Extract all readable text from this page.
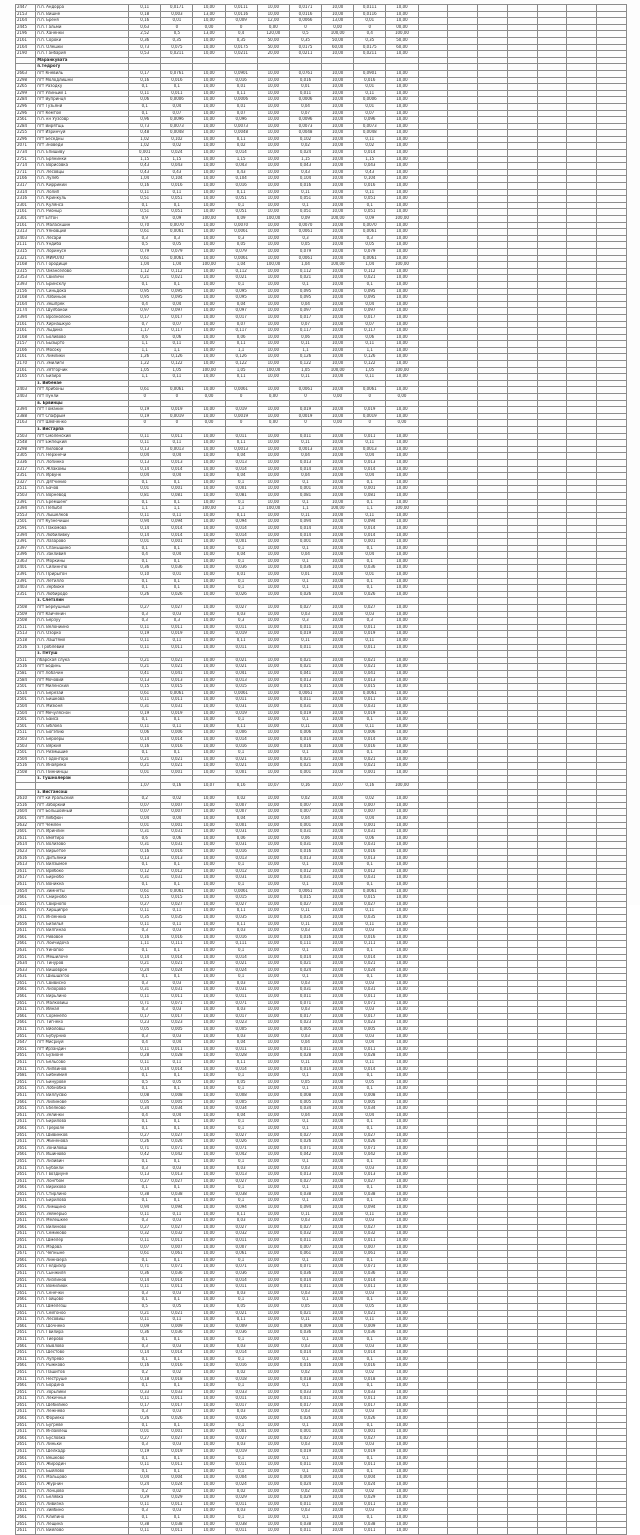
2447	п.п. Андорра	0,11	0,0171	10,00	0,0111	10,00	0,0171	10,00	0,0111	10,00							
2153	п.п. Вишнё	0,18	0,003	13,00	0,0116	10,00	0,0116	10,00	0,0116	10,00							
2164	п.п. Брёня	0,16	0,01	10,00	0,009	12,00	0,0066	13,00	0,01	10,00							
2445	п.п. Гальми	0,63	0	0,00	0	0,00	0	0,00	0	00,00							
2196	п.п. Ханенки	2,52	0,5	13,00	0,4	120,00	0,5	100,00	0,4	100,00							
2161	п.п. Сороки	0,36	0,35	10,00	0,35	50,00	0,35	50,00	0,35	50,00							
2164	п.п. Олешки	0,73	0,075	10,00	0,0175	50,00	0,0175	60,00	0,0175	60,00							
2190	п.п. Ганбария	0,53	0,0211	10,00	0,0211	20,00	0,0211	10,00	0,0211	10,00							
	Маранкувата																
	п.Тедрогу																
2663	пгт Кневиль	0,17	0,0761	10,00	0,0901	10,00	0,0761	10,00	0,0901	10,00							
2298	пгт Молодлишни	0,16	0,016	10,00	0,016	10,00	0,016	10,00	0,016	10,00							
2265	пгт Разодку	0,1	0,1	10,00	0,01	10,00	0,01	10,00	0,01	10,00							
2299	пгт Улиньий 1	0,11	0,011	10,00	0,11	10,00	0,011	10,00	0,11	10,00							
2284	пгт Вупринця	0,06	0,0006	10,00	0,0006	10,00	0,0006	10,00	0,0006	10,00							
2296	пгт Тузьянй	0,1	0,04	10,00	0,01	10,00	0,04	10,00	0,01	10,00							
2296	пгт Кемтой	0,1	0,07	10,00	0,07	10,00	0,07	10,00	0,07	10,00							
2561	п.п. кн Уузсовр	0,96	0,0096	10,00	0,096	10,00	0,0096	10,00	0,096	10,00							
2284	пгт Вирятщь	0,73	0,0073	10,00	0,0073	10,00	0,0073	10,00	0,0073	10,00							
2255	пгт Изринчуй	0,48	0,0048	10,00	0,0048	10,00	0,0048	10,00	0,0048	10,00							
2296	пгт Бесёдны	1,02	0,102	10,00	0,11	10,00	0,102	10,00	0,11	10,00							
2071	пгт Зноведи	1,02	0,02	10,00	0,02	10,00	0,02	10,00	0,02	10,00							
2734	п.п. Епишиву	0,001	0,024	10,00	0,014	10,00	0,024	10,00	0,014	10,00							
2751	п.п. Брянинки	1,15	1,15	10,00	1,15	10,00	1,15	10,00	1,15	10,00							
2714	п.п. Ворисовка	0,43	0,043	10,00	0,043	10,00	0,043	10,00	0,043	10,00							
2711	п.п. Лесовцы	0,43	0,43	10,00	0,43	10,00	0,43	10,00	0,43	10,00							
2166	п.п. Лулёб	1,04	0,104	10,00	0,104	10,00	0,104	10,00	0,104	10,00							
2317	п.п. Киррикии	0,16	0,016	10,00	0,016	10,00	0,016	10,00	0,016	10,00							
2314	п.п. Лолип	0,11	0,11	10,00	0,11	10,00	0,11	10,00	0,11	10,00							
2316	п.п. Кринкуль	0,51	0,051	10,00	0,051	10,00	0,051	10,00	0,051	10,00							
2301	п.п. Кулянса	0,1	0,1	10,00	0,1	10,00	0,1	10,00	0,1	10,00							
2161	п.п. Рионыр	0,51	0,051	10,00	0,051	10,00	0,051	10,00	0,051	10,00							
2301	пгт Елтон	0,9	0,09	100,00	0,09	100,00	0,09	100,00	0,09	100,00							
2161	п.п. Маласкшин	0,70	0,0070	10,00	0,0070	10,00	0,0070	10,00	0,0070	10,00							
2313	п.п. Уяновций	0,61	0,0061	10,00	0,0061	10,00	0,0061	10,00	0,0061	10,00							
2403	п.п. Лесари	0,3	0,3	10,00	0,3	10,00	0,3	10,00	0,3	10,00							
2111	п.п. Ундиба	0,5	0,05	10,00	0,05	10,00	0,05	10,00	0,05	10,00							
2315	п.п. Лоринусе	0,79	0,079	10,00	0,079	10,00	0,079	10,00	0,079	10,00							
2321	п.п. МИРОЛО	0,61	0,0061	10,00	0,0061	10,00	0,0061	10,00	0,0061	10,00							
2168	п.п. Городище	1,04	1,04	100,00	1,04	100,00	1,04	100,00	1,04	100,00							
2315	п.п. Оманселово	1,12	0,112	10,00	0,112	10,00	0,112	10,00	0,112	10,00							
2353	п.п. Свиличи	0,21	0,021	10,00	0,021	10,00	0,021	10,00	0,021	10,00							
2393	п.п. Бринсклу	0,1	0,1	10,00	0,1	10,00	0,1	10,00	0,1	10,00							
2156	п.п. Синьдока	0,95	0,095	10,00	0,095	10,00	0,095	10,00	0,095	10,00							
2168	п.п. Лабиньок	0,95	0,095	10,00	0,095	10,00	0,095	10,00	0,095	10,00							
2164	п.п. Зешпрек	0,4	0,04	10,00	0,04	10,00	0,04	10,00	0,04	10,00							
2174	п.п. Шулбакои	0,97	0,097	10,00	0,097	10,00	0,097	10,00	0,097	10,00							
2394	п.п. Врознолоно	0,17	0,017	10,00	0,017	10,00	0,017	10,00	0,017	10,00							
2161	п.п. Хирнашкую	0,7	0,07	10,00	0,07	10,00	0,07	10,00	0,07	10,00							
2161	п.п. Лыдина	1,17	0,117	10,00	0,117	10,00	0,117	10,00	0,117	10,00							
2168	п.п. Боливово	0,6	0,06	10,00	0,06	10,00	0,06	10,00	0,06	10,00							
2157	п.п. Бызырто	1,1	0,11	10,00	0,11	10,00	0,11	10,00	0,11	10,00							
2166	п.п. Мосоку	1,1	1,1	10,00	1,1	10,00	1,1	10,00	1,1	10,00							
2161	п.п. Лимлики	1,26	0,126	10,00	0,126	10,00	0,126	10,00	0,126	10,00							
2170	п.п. Змилиги	1,22	0,122	10,00	0,122	10,00	0,122	10,00	0,122	10,00							
2161	п.п. Зятгорчик	1,05	1,05	100,00	1,05	100,00	1,05	100,00	1,05	100,00							
2165	п.п. Бизиро	1,1	0,11	10,00	0,11	10,00	0,11	10,00	0,11	10,00							
	з. Вибёнае																
2403	пгт Хрибоны	0,61	0,0061	10,00	0,0061	10,00	0,0061	10,00	0,0061	10,00							
2403	пгт Пунли	0	0	0,00	0	0,00	0	0,00	0	0,00							
	в. Ервинцы																
2394	пгт Гоманин	0,19	0,019	10,00	0,019	10,00	0,019	10,00	0,019	10,00							
2388	пгт Спафрым	0,19	0,0019	10,00	0,0019	10,00	0,0019	10,00	0,0019	10,00							
2163	пгт Шевченко	0	0	0,00	0	0,00	0	0,00	0	0,00							
	з. Вистарпа																
2503	пгт Смоленский	0,11	0,011	10,00	0,011	10,00	0,011	10,00	0,011	10,00							
2548	пгт Ежпецкий	0,11	0,11	10,00	0,11	10,00	0,11	10,00	0,11	10,00							
2298	пгт Лиловой	0,13	0,0013	10,00	0,0013	10,00	0,0013	10,00	0,0013	10,00							
2305	п.п. Нерхнечи	0,04	0,04	10,00	0,04	10,00	0,04	10,00	0,04	10,00							
2336	п.п. Лопинко	0,13	0,013	10,00	0,013	10,00	0,013	10,00	0,013	10,00							
2317	п.п. Жлакомы	0,14	0,014	10,00	0,014	10,00	0,014	10,00	0,014	10,00							
2351	п.п. Ирвунк	0,04	0,04	10,00	0,04	10,00	0,04	10,00	0,04	10,00							
2327	п.п. Дятчинио	0,1	0,1	10,00	0,1	10,00	0,1	10,00	0,1	10,00							
2511	п.п. Бачов	0,01	0,001	10,00	0,001	10,00	0,001	10,00	0,001	10,00							
2503	п.п. Ворневод	0,81	0,081	10,00	0,081	10,00	0,081	10,00	0,081	10,00							
2391	п.п. Еремшенг	0,1	0,1	10,00	0,1	10,00	0,1	10,00	0,1	10,00							
2394	п.п. Пепыбл	1,1	1,1	100,00	1,1	100,00	1,1	100,00	1,1	100,00							
2553	п.п. Лышелков	0,11	0,11	10,00	0,11	10,00	0,11	10,00	0,11	10,00							
2501	пгт Кузнечиши	0,94	0,094	10,00	0,094	10,00	0,094	10,00	0,094	10,00							
2591	п.п. Пакомова	0,14	0,014	10,00	0,014	10,00	0,014	10,00	0,014	10,00							
2394	п.п. Любиливку	0,14	0,014	10,00	0,014	10,00	0,014	10,00	0,014	10,00							
2391	п.п. Лазарово	0,01	0,001	10,00	0,001	10,00	0,001	10,00	0,001	10,00							
2397	п.п. Спанышино	0,1	0,1	10,00	0,1	10,00	0,1	10,00	0,1	10,00							
2396	п.п. Закливия	0,4	0,04	10,00	0,04	10,00	0,04	10,00	0,04	10,00							
2363	п.п. Моркины	0,1	0,1	10,00	0,1	10,00	0,1	10,00	0,1	10,00							
2401	п.п. Сйлиннгю	0,36	0,036	10,00	0,036	10,00	0,036	10,00	0,036	10,00							
2391	п.п. Прирыгон	0,10	0,01	10,00	0,01	10,00	0,01	10,00	0,01	10,00							
2391	п.п. Летилло	0,1	0,1	10,00	0,1	10,00	0,1	10,00	0,1	10,00							
2403	п.п. Зербюке	0,1	0,1	10,00	0,1	10,00	0,1	10,00	0,1	10,00							
2351	п.п. Любиродо	0,26	0,026	10,00	0,026	10,00	0,026	10,00	0,026	10,00							
	з. Слетзлин																
2508	пгт Береушный	0,27	0,027	10,00	0,027	10,00	0,027	10,00	0,027	10,00							
2509	пгт Каиченин	0,3	0,03	10,00	0,03	10,00	0,03	10,00	0,03	10,00							
2508	п.п. Берзуу	0,3	0,3	10,00	0,3	10,00	0,3	10,00	0,3	10,00							
2511	п.п. Велониино	0,11	0,011	10,00	0,011	10,00	0,011	10,00	0,011	10,00							
2513	п.п. Озорко	0,19	0,019	10,00	0,019	10,00	0,019	10,00	0,019	10,00							
2518	п.п. Лаштянй	0,11	0,11	10,00	0,11	10,00	0,11	10,00	0,11	10,00							
2516	з. Гроблевий	0,11	0,011	10,00	0,011	10,00	0,011	10,00	0,011	10,00							
	з. Петуш																
2511	пбарская слука	0,21	0,021	10,00	0,021	10,00	0,021	10,00	0,021	10,00							
2516	пгт Бодинь	0,21	0,021	10,00	0,021	10,00	0,021	10,00	0,021	10,00							
2581	пгт Лобачин	0,41	0,041	10,00	0,041	10,00	0,041	10,00	0,041	10,00							
2584	пгт Мочовий	0,13	0,013	10,00	0,013	10,00	0,013	10,00	0,013	10,00							
2501	пгт Миленский	0,15	0,015	10,00	0,015	10,00	0,015	10,00	0,015	10,00							
2514	п.п. Березай	0,61	0,0061	10,00	0,0061	10,00	0,0061	10,00	0,0061	10,00							
2501	п.п. Бишкова	0,11	0,011	10,00	0,011	10,00	0,011	10,00	0,011	10,00							
2504	п.п. Мизюня	0,31	0,031	10,00	0,031	10,00	0,031	10,00	0,031	10,00							
2504	пгт Мечуляснон	0,19	0,019	10,00	0,019	10,00	0,019	10,00	0,019	10,00							
2501	п.п. Баиса	0,1	0,1	10,00	0,1	10,00	0,1	10,00	0,1	10,00							
2501	п.п. Ыблоеа	0,11	0,11	10,00	0,11	10,00	0,11	10,00	0,11	10,00							
2511	п.п. Богэпию	0,06	0,006	10,00	0,006	10,00	0,006	10,00	0,006	10,00							
2503	п.п. Бероеры	0,14	0,014	10,00	0,014	10,00	0,014	10,00	0,014	10,00							
2503	п.п. Вяркия	0,16	0,016	10,00	0,016	10,00	0,016	10,00	0,016	10,00							
2501	п.п. Ризмышие	0,1	0,1	10,00	0,1	10,00	0,1	10,00	0,1	10,00							
2504	п.п. Годонгоро	0,21	0,021	10,00	0,021	10,00	0,021	10,00	0,021	10,00							
2516	п.п. Инаярёко	0,21	0,021	10,00	0,021	10,00	0,021	10,00	0,021	10,00							
2508	п.п. Пиннинцы	0,01	0,001	10,00	0,001	10,00	0,001	10,00	0,001	10,00							
	з. Тушнолерзи																
		1,07	0,16	10,07	0,16	10,07	0,16	10,07	0,16	100,00							
	з. Вистансош																
2610	пгт кй Уральский	0,2	0,02	10,00	0,02	10,00	0,02	10,00	0,02	10,00							
2516	пгт Заборкий	0,07	0,007	10,00	0,007	10,00	0,007	10,00	0,007	10,00							
2604	пгт Большойный	0,07	0,007	10,00	0,007	10,00	0,007	10,00	0,007	10,00							
2601	пгт Лйбфюн	0,04	0,04	10,00	0,04	10,00	0,04	10,00	0,04	10,00							
2632	пгт Чемлён	0,01	0,001	10,00	0,001	10,00	0,001	10,00	0,001	10,00							
2601	п.п. Иринлин	0,31	0,031	10,00	0,031	10,00	0,031	10,00	0,031	10,00							
2611	п.п. Вмятиро	0,6	0,06	10,00	0,06	10,00	0,06	10,00	0,06	10,00							
2614	п.п. Волизово	0,31	0,031	10,00	0,031	10,00	0,031	10,00	0,031	10,00							
2623	п.п. Вирьётое	0,16	0,016	10,00	0,016	10,00	0,016	10,00	0,016	10,00							
2616	п.п. Дитьянки	0,13	0,013	10,00	0,013	10,00	0,013	10,00	0,013	10,00							
2613	п.п. Вилзымое	0,1	0,1	10,00	0,1	10,00	0,1	10,00	0,1	10,00							
2611	п.п. Врйбоко	0,12	0,012	10,00	0,012	10,00	0,012	10,00	0,012	10,00							
2617	п.п. Бирнобо	0,31	0,031	10,00	0,031	10,00	0,031	10,00	0,031	10,00							
2611	п.п. Воникна	0,1	0,1	10,00	0,1	10,00	0,1	10,00	0,1	10,00							
2654	п.п. Зимнёты	0,61	0,0061	10,00	0,0061	10,00	0,0061	10,00	0,0061	10,00							
2661	п.п. Смирнобо	0,15	0,015	10,00	0,015	10,00	0,015	10,00	0,015	10,00							
2651	п.п. Свирнопо	0,27	0,027	10,00	0,027	10,00	0,027	10,00	0,027	10,00							
2661	п.п. Хирщипрё	0,11	0,11	10,00	0,11	10,00	0,11	10,00	0,11	10,00							
2611	п.п. Инзенкиа	0,35	0,035	10,00	0,035	10,00	0,035	10,00	0,035	10,00							
2656	п.п. Бизилья	0,11	0,11	10,00	0,11	10,00	0,11	10,00	0,11	10,00							
2611	п.п. Вилгинао	0,3	0,03	10,00	0,03	10,00	0,03	10,00	0,03	10,00							
2661	п.п. Ривовое	0,16	0,016	10,00	0,016	10,00	0,016	10,00	0,016	10,00							
2661	п.п. Лоичидоча	1,11	0,111	10,00	0,111	10,00	0,111	10,00	0,111	10,00							
2631	п.п. Уинапоо	0,1	0,1	10,00	0,1	10,00	0,1	10,00	0,1	10,00							
2651	п.п. Мешилоче	0,14	0,014	10,00	0,014	10,00	0,014	10,00	0,014	10,00							
2634	п.п. Тинуров	0,21	0,021	10,00	0,021	10,00	0,021	10,00	0,021	10,00							
2633	п.п. Вишоврон	0,24	0,024	10,00	0,024	10,00	0,024	10,00	0,024	10,00							
2631	п.п. Шишшэгоо	0,1	0,1	10,00	0,1	10,00	0,1	10,00	0,1	10,00							
2651	п.п. Свивисно	0,3	0,03	10,00	0,03	10,00	0,03	10,00	0,03	10,00							
2661	п.п. Лизорово	0,31	0,031	10,00	0,031	10,00	0,031	10,00	0,031	10,00							
2661	п.п. Вирьлино	0,11	0,011	10,00	0,011	10,00	0,011	10,00	0,011	10,00							
2651	п.п. Малковиш	0,71	0,071	10,00	0,071	10,00	0,071	10,00	0,071	10,00							
2611	п.п. Ийная	0,3	0,03	10,00	0,03	10,00	0,03	10,00	0,03	10,00							
2661	п.п. Сормнепо	0,17	0,017	10,00	0,017	10,00	0,017	10,00	0,017	10,00							
2661	п.п. Тигнеко	0,23	0,023	10,00	0,023	10,00	0,023	10,00	0,023	10,00							
2611	п.п. Вйоловш	0,05	0,005	10,00	0,005	10,00	0,005	10,00	0,005	10,00							
2651	п.п. Бубурнио	0,3	0,03	10,00	0,03	10,00	0,03	10,00	0,03	10,00							
2647	пгт Мисриуй	0,4	0,04	10,00	0,04	10,00	0,04	10,00	0,04	10,00							
2651	пгт Ирзандин	0,11	0,011	10,00	0,011	10,00	0,011	10,00	0,011	10,00							
2651	п.п. Бузионе	0,28	0,028	10,00	0,028	10,00	0,028	10,00	0,028	10,00							
2611	п.п. Бельсово	0,11	0,11	10,00	0,11	10,00	0,11	10,00	0,11	10,00							
2611	п.п. Липвинов	0,14	0,014	10,00	0,014	10,00	0,014	10,00	0,014	10,00							
2681	п.п. Бибнимия	0,1	0,1	10,00	0,1	10,00	0,1	10,00	0,1	10,00							
2651	п.п. Бинурове	0,5	0,05	10,00	0,05	10,00	0,05	10,00	0,05	10,00							
2651	п.п. Лобнобко	0,1	0,1	10,00	0,1	10,00	0,1	10,00	0,1	10,00							
2611	п.п. Виллусвю	0,08	0,008	10,00	0,008	10,00	0,008	10,00	0,008	10,00							
2661	п.п. Лилинове	0,05	0,005	10,00	0,005	10,00	0,005	10,00	0,005	10,00							
2651	п.п. Ебелково	0,34	0,034	10,00	0,034	10,00	0,034	10,00	0,034	10,00							
2611	п.п. Зелинки	0,4	0,04	10,00	0,04	10,00	0,04	10,00	0,04	10,00							
2611	п.п. Бирилова	0,1	0,1	10,00	0,1	10,00	0,1	10,00	0,1	10,00							
2661	п.п. Трерюле	0,1	0,1	10,00	0,1	10,00	0,1	10,00	0,1	10,00							
2651	п.п. Шивинков	0,27	0,027	10,00	0,027	10,00	0,027	10,00	0,027	10,00							
2611	п.п. Жинёнова	0,26	0,026	10,00	0,026	10,00	0,026	10,00	0,026	10,00							
2651	п.п. Зониловш	0,71	0,071	10,00	0,071	10,00	0,071	10,00	0,071	10,00							
2661	п.п. Ишинюво	0,42	0,042	10,00	0,042	10,00	0,042	10,00	0,042	10,00							
2651	п.п. Лизивин	0,1	0,1	10,00	0,1	10,00	0,1	10,00	0,1	10,00							
2611	п.п. Бубакли	0,3	0,03	10,00	0,03	10,00	0,03	10,00	0,03	10,00							
2651	п.п. Гвоздиуне	0,13	0,013	10,00	0,013	10,00	0,013	10,00	0,013	10,00							
2611	п.п. Лонгбом	0,27	0,027	10,00	0,027	10,00	0,027	10,00	0,027	10,00							
2661	п.п. Вирихово	0,1	0,1	10,00	0,1	10,00	0,1	10,00	0,1	10,00							
2651	п.п. Стирлино	0,38	0,038	10,00	0,038	10,00	0,038	10,00	0,038	10,00							
2611	п.п. Бирилова	0,1	0,1	10,00	0,1	10,00	0,1	10,00	0,1	10,00							
2661	п.п. Лимщино	0,94	0,094	10,00	0,094	10,00	0,094	10,00	0,094	10,00							
2651	п.п. Зейнерыо	0,11	0,11	10,00	0,11	10,00	0,11	10,00	0,11	10,00							
2611	п.п. Мелёшкее	0,3	0,03	10,00	0,03	10,00	0,03	10,00	0,03	10,00							
2661	п.п. Вилиново	0,27	0,027	10,00	0,027	10,00	0,027	10,00	0,027	10,00							
2611	п.п. Сёмиково	0,32	0,032	10,00	0,032	10,00	0,032	10,00	0,032	10,00							
2651	п.п. Шмелёр	0,11	0,011	10,00	0,011	10,00	0,011	10,00	0,011	10,00							
2611	п.п. Мэдова	0,07	0,007	10,00	0,007	10,00	0,007	10,00	0,007	10,00							
2671	п.п. Чепныне	0,61	0,061	10,00	0,061	10,00	0,061	10,00	0,061	10,00							
2661	п.п. Линнаера	0,1	0,1	10,00	0,1	10,00	0,1	10,00	0,1	10,00							
2651	п.п. Гелдиэлр	0,71	0,071	10,00	0,071	10,00	0,071	10,00	0,071	10,00							
2611	п.п. Сынжиля	0,36	0,036	10,00	0,036	10,00	0,036	10,00	0,036	10,00							
2651	п.п. Лизлинов	0,14	0,014	10,00	0,014	10,00	0,014	10,00	0,014	10,00							
2611	п.п. Вомилиюк	0,11	0,011	10,00	0,011	10,00	0,011	10,00	0,011	10,00							
2651	п.п. Сенёчки	0,3	0,03	10,00	0,03	10,00	0,03	10,00	0,03	10,00							
2661	п.п. Гойцово	0,1	0,1	10,00	0,1	10,00	0,1	10,00	0,1	10,00							
2611	п.п. Шмелёзш	0,5	0,05	10,00	0,05	10,00	0,05	10,00	0,05	10,00							
2651	п.п. Сейгоноо	0,21	0,021	10,00	0,021	10,00	0,021	10,00	0,021	10,00							
2611	п.п. Лесовиш	0,11	0,11	10,00	0,11	10,00	0,11	10,00	0,11	10,00							
2661	п.п. Шочнеко	0,09	0,009	10,00	0,009	10,00	0,009	10,00	0,009	10,00							
2651	п.п. Гвилира	0,36	0,036	10,00	0,036	10,00	0,036	10,00	0,036	10,00							
2611	п.п. Тиерово	0,1	0,1	10,00	0,1	10,00	0,1	10,00	0,1	10,00							
2661	п.п. Вывлово	0,3	0,03	10,00	0,03	10,00	0,03	10,00	0,03	10,00							
2651	п.п. Шестово	0,14	0,014	10,00	0,014	10,00	0,014	10,00	0,014	10,00							
2611	п.п. Лупрёво	0,1	0,1	10,00	0,1	10,00	0,1	10,00	0,1	10,00							
2661	п.п. Рыжково	0,16	0,016	10,00	0,016	10,00	0,016	10,00	0,016	10,00							
2651	п.п. Пашитов	0,2	0,02	10,00	0,02	10,00	0,02	10,00	0,02	10,00							
2611	п.п. Неструше	0,18	0,018	10,00	0,018	10,00	0,018	10,00	0,018	10,00							
2661	п.п. Бордина	0,1	0,1	10,00	0,1	10,00	0,1	10,00	0,1	10,00							
2651	п.п. Зорьлики	0,33	0,033	10,00	0,033	10,00	0,033	10,00	0,033	10,00							
2611	п.п. Лекичнье	0,11	0,011	10,00	0,011	10,00	0,011	10,00	0,011	10,00							
2651	п.п. Шёбилико	0,17	0,017	10,00	0,017	10,00	0,017	10,00	0,017	10,00							
2611	п.п. Лежнево	0,3	0,03	10,00	0,03	10,00	0,03	10,00	0,03	10,00							
2661	п.п. Фориеко	0,26	0,026	10,00	0,026	10,00	0,026	10,00	0,026	10,00							
2651	п.п. Бугреве	0,1	0,1	10,00	0,1	10,00	0,1	10,00	0,1	10,00							
2611	п.п. Инзайлеш	0,01	0,001	10,00	0,001	10,00	0,001	10,00	0,001	10,00							
2661	п.п. Бусловка	0,27	0,027	10,00	0,027	10,00	0,027	10,00	0,027	10,00							
2651	п.п. Линьки	0,3	0,03	10,00	0,03	10,00	0,03	10,00	0,03	10,00							
2611	п.п. Шелкадр	0,19	0,019	10,00	0,019	10,00	0,019	10,00	0,019	10,00							
2661	п.п. Вешково	0,1	0,1	10,00	0,1	10,00	0,1	10,00	0,1	10,00							
2651	п.п. Жиродин	0,11	0,011	10,00	0,011	10,00	0,011	10,00	0,011	10,00							
2611	п.п. Быйлово	0,1	0,1	10,00	0,1	10,00	0,1	10,00	0,1	10,00							
2661	п.п. Мальцово	0,04	0,004	10,00	0,004	10,00	0,004	10,00	0,004	10,00							
2651	п.п. Журнин	0,24	0,024	10,00	0,024	10,00	0,024	10,00	0,024	10,00							
2611	п.п. Лонцово	0,2	0,02	10,00	0,02	10,00	0,02	10,00	0,02	10,00							
2661	п.п. Белявка	0,29	0,029	10,00	0,029	10,00	0,029	10,00	0,029	10,00							
2651	п.п. Ливизна	0,11	0,011	10,00	0,011	10,00	0,011	10,00	0,011	10,00							
2611	п.п. Зийбино	0,3	0,03	10,00	0,03	10,00	0,03	10,00	0,03	10,00							
2661	п.п. Клипино	0,1	0,1	10,00	0,1	10,00	0,1	10,00	0,1	10,00							
2651	п.п. Лещина	0,38	0,038	10,00	0,038	10,00	0,038	10,00	0,038	10,00							
2611	п.п. Вийлово	0,11	0,011	10,00	0,011	10,00	0,011	10,00	0,011	10,00							
